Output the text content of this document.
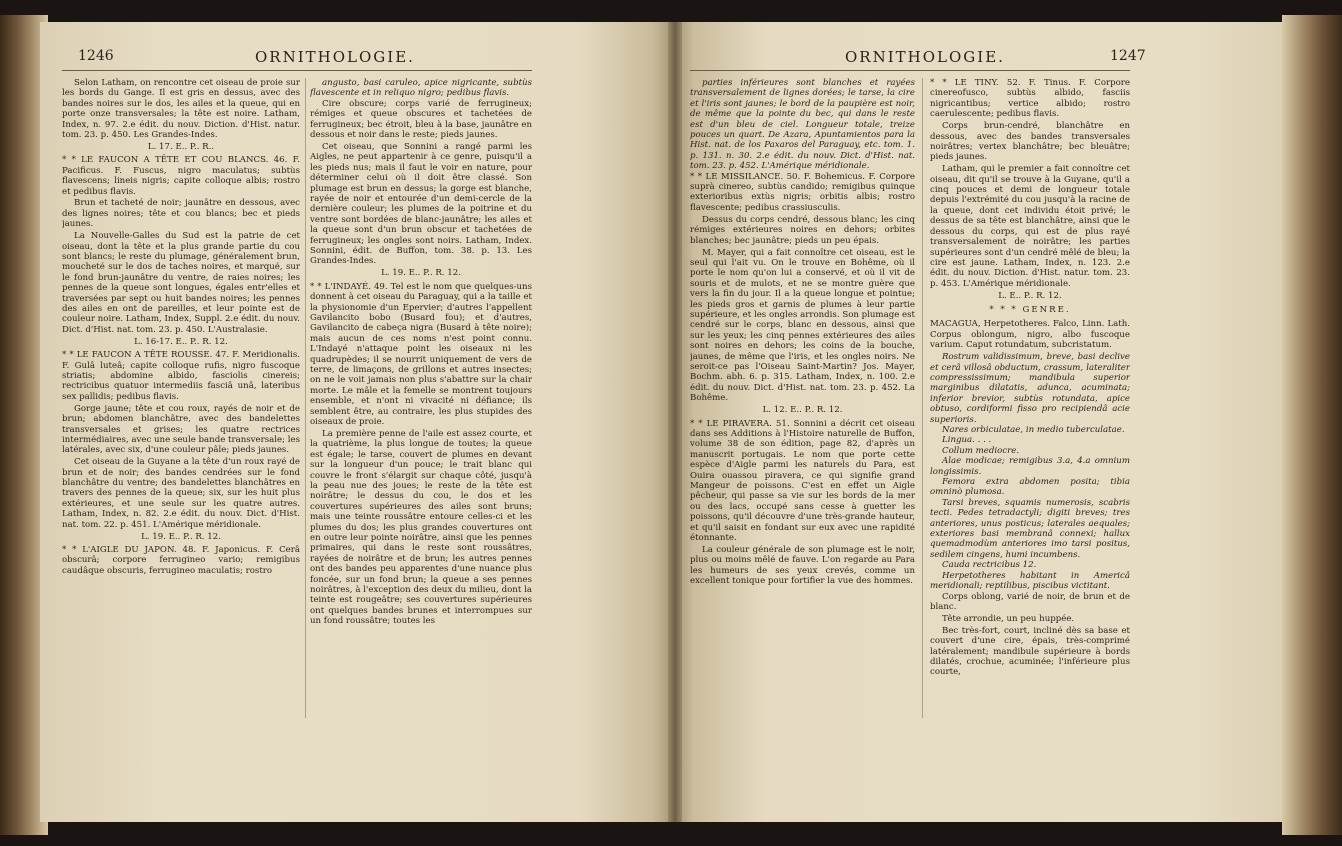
1246	ORNITHOLOGIE.	ORNITHOLOGIE.	1247

Selon Latham, on rencontre cet oiseau de proie sur les bords du Gange. Il est gris en dessus, avec des bandes noires sur le dos, les ailes et la queue, qui en porte onze transversales; la tête est noire. Latham, Index, n. 97. 2.e édit. du nouv. Diction. d'Hist. natur. tom. 23. p. 450. Les Grandes-Indes.

L. 17. E.. P.. R..

* * LE FAUCON A TÊTE ET COU BLANCS. 46. F. Pacificus. F. Fuscus, nigro maculatus; subtùs flavescens; lineis nigris; capite colloque albis; rostro et pedibus flavis.

Brun et tacheté de noir; jaunâtre en dessous, avec des lignes noires; tête et cou blancs; bec et pieds jaunes.

La Nouvelle-Galles du Sud est la patrie de cet oiseau, dont la tête et la plus grande partie du cou sont blancs; le reste du plumage, généralement brun, moucheté sur le dos de taches noires, et marqué, sur le fond brun-jaunâtre du ventre, de raies noires; les pennes de la queue sont longues, égales entr'elles et traversées par sept ou huit bandes noires; les pennes des ailes en ont de pareilles, et leur pointe est de couleur noire. Latham, Index, Suppl. 2.e édit. du nouv. Dict. d'Hist. nat. tom. 23. p. 450. L'Australasie.

L. 16-17. E.. P.. R. 12.

* * LE FAUCON A TÊTE ROUSSE. 47. F. Meridionalis. F. Gulâ luteâ; capite colloque rufis, nigro fuscoque striatis; abdomine albido, fasciolis cinereis; rectricibus quatuor intermediis fasciâ unâ, lateribus sex pallidis; pedibus flavis.

Gorge jaune; tête et cou roux, rayés de noir et de brun; abdomen blanchâtre, avec des bandelettes transversales et grises; les quatre rectrices intermédiaires, avec une seule bande transversale; les latérales, avec six, d'une couleur pâle; pieds jaunes.

Cet oiseau de la Guyane a la tête d'un roux rayé de brun et de noir; des bandes cendrées sur le fond blanchâtre du ventre; des bandelettes blanchâtres en travers des pennes de la queue; six, sur les huit plus extérieures, et une seule sur les quatre autres. Latham, Index, n. 82. 2.e édit. du nouv. Dict. d'Hist. nat. tom. 22. p. 451. L'Amérique méridionale.

L. 19. E.. P.. R. 12.

* * L'AIGLE DU JAPON. 48. F. Japonicus. F. Cerâ obscurâ; corpore ferrugineo vario; remigibus caudâque obscuris, ferrugineo maculatis; rostro

angusto, basi caruleo, apice nigricante, subtùs flavescente et in reliquo nigro; pedibus flavis.

Cire obscure; corps varié de ferrugineux; rémiges et queue obscures et tachetées de ferrugineux; bec étroit, bleu à la base, jaunâtre en dessous et noir dans le reste; pieds jaunes.

Cet oiseau, que Sonnini a rangé parmi les Aigles, ne peut appartenir à ce genre, puisqu'il a les pieds nus; mais il faut le voir en nature, pour déterminer celui où il doit être classé. Son plumage est brun en dessus; la gorge est blanche, rayée de noir et entourée d'un demi-cercle de la dernière couleur; les plumes de la poitrine et du ventre sont bordées de blanc-jaunâtre; les ailes et la queue sont d'un brun obscur et tachetées de ferrugineux; les ongles sont noirs. Latham, Index. Sonnini, édit. de Buffon, tom. 38. p. 13. Les Grandes-Indes.

L. 19. E.. P.. R. 12.

* * L'INDAYÉ. 49. Tel est le nom que quelques-uns donnent à cet oiseau du Paraguay, qui a la taille et la physionomie d'un Epervier; d'autres l'appellent Gavilancito bobo (Busard fou); et d'autres, Gavilancito de cabeça nigra (Busard à tête noire); mais aucun de ces noms n'est point connu. L'Indayé n'attaque point les oiseaux ni les quadrupèdes; il se nourrit uniquement de vers de terre, de limaçons, de grillons et autres insectes; on ne le voit jamais non plus s'abattre sur la chair morte. Le mâle et la femelle se montrent toujours ensemble, et n'ont ni vivacité ni défiance; ils semblent être, au contraire, les plus stupides des oiseaux de proie.

La première penne de l'aile est assez courte, et la quatrième, la plus longue de toutes; la queue est égale; le tarse, couvert de plumes en devant sur la longueur d'un pouce; le trait blanc qui couvre le front s'élargit sur chaque côté, jusqu'à la peau nue des joues; le reste de la tête est noirâtre; le dessus du cou, le dos et les couvertures supérieures des ailes sont bruns; mais une teinte roussâtre entoure celles-ci et les plumes du dos; les plus grandes couvertures ont en outre leur pointe noirâtre, ainsi que les pennes primaires, qui dans le reste sont roussâtres, rayées de noirâtre et de brun; les autres pennes ont des bandes peu apparentes d'une nuance plus foncée, sur un fond brun; la queue a ses pennes noirâtres, à l'exception des deux du milieu, dont la teinte est rougeâtre; ses couvertures supérieures ont quelques bandes brunes et interrompues sur un fond roussâtre; toutes les

parties inférieures sont blanches et rayées transversalement de lignes dorées; le tarse, la cire et l'iris sont jaunes; le bord de la paupière est noir, de même que la pointe du bec, qui dans le reste est d'un bleu de ciel. Longueur totale, treize pouces un quart. De Azara, Apuntamientos para la Hist. nat. de los Paxaros del Paraguay, etc. tom. 1. p. 131. n. 30. 2.e édit. du nouv. Dict. d'Hist. nat. tom. 23. p. 452. L'Amérique méridionale.

* * LE MISSILANCE. 50. F. Bohemicus. F. Corpore suprà cinereo, subtùs candido; remigibus quinque exterioribus extùs nigris; orbitis albis; rostro flavescente; pedibus crassiusculis.

Dessus du corps cendré, dessous blanc; les cinq rémiges extérieures noires en dehors; orbites blanches; bec jaunâtre; pieds un peu épais.

M. Mayer, qui a fait connoître cet oiseau, est le seul qui l'ait vu. On le trouve en Bohême, où il porte le nom qu'on lui a conservé, et où il vit de souris et de mulots, et ne se montre guère que vers la fin du jour. Il a la queue longue et pointue; les pieds gros et garnis de plumes à leur partie supérieure, et les ongles arrondis. Son plumage est cendré sur le corps, blanc en dessous, ainsi que sur les yeux; les cinq pennes extérieures des ailes sont noires en dehors; les coins de la bouche, jaunes, de même que l'iris, et les ongles noirs. Ne seroit-ce pas l'Oiseau Saint-Martin? Jos. Mayer, Bochm. abh. 6. p. 315. Latham, Index, n. 100. 2.e édit. du nouv. Dict. d'Hist. nat. tom. 23. p. 452. La Bohême.

L. 12. E.. P.. R. 12.

* * LE PIRAVERA. 51. Sonnini a décrit cet oiseau dans ses Additions à l'Histoire naturelle de Buffon, volume 38 de son édition, page 82, d'après un manuscrit portugais. Le nom que porte cette espèce d'Aigle parmi les naturels du Para, est Ouira ouassou piravera, ce qui signifie grand Mangeur de poissons. C'est en effet un Aigle pêcheur, qui passe sa vie sur les bords de la mer ou des lacs, occupé sans cesse à guetter les poissons, qu'il découvre d'une très-grande hauteur, et qu'il saisit en fondant sur eux avec une rapidité étonnante.

La couleur générale de son plumage est le noir, plus ou moins mêlé de fauve. L'on regarde au Para les humeurs de ses yeux crevés, comme un excellent tonique pour fortifier la vue des hommes.

* * LE TINY. 52. F. Tinus. F. Corpore cinereofusco, subtùs albido, fasciis nigricantibus; vertice albido; rostro caerulescente; pedibus flavis.

Corps brun-cendré, blanchâtre en dessous, avec des bandes transversales noirâtres; vertex blanchâtre; bec bleuâtre; pieds jaunes.

Latham, qui le premier a fait connoître cet oiseau, dit qu'il se trouve à la Guyane, qu'il a cinq pouces et demi de longueur totale depuis l'extrémité du cou jusqu'à la racine de la queue, dont cet individu étoit privé; le dessus de sa tête est blanchâtre, ainsi que le dessous du corps, qui est de plus rayé transversalement de noirâtre; les parties supérieures sont d'un cendré mêlé de bleu; la cire est jaune. Latham, Index, n. 123. 2.e édit. du nouv. Diction. d'Hist. natur. tom. 23. p. 453. L'Amérique méridionale.

L. E.. P.. R. 12.

* * * GENRE.

MACAGUA, Herpetotheres. Falco, Linn. Lath. Corpus oblongum, nigro, albo fuscoque varium. Caput rotundatum, subcristatum.

Rostrum validissimum, breve, basi declive et cerâ villosâ obductum, crassum, lateraliter compressissimum; mandibula superior marginibus dilatatis, adunca, acuminata; inferior brevior, subtùs rotundata, apice obtuso, cordiformi fisso pro recipiendâ acie superioris.

Nares orbiculatae, in medio tuberculatae.

Lingua. . . .

Collum mediocre.

Alae modicae; remigibus 3.a, 4.a omnium longissimis.

Femora extra abdomen posita; tibia omninò plumosa.

Tarsi breves, squamis numerosis, scabris tecti. Pedes tetradactyli; digiti breves; tres anteriores, unus posticus; laterales aequales; exteriores basi membranâ connexi; hallux quemadmodùm anteriores imo tarsi positus, sedilem cingens, humi incumbens.

Cauda rectricibus 12.

Herpetotheres habitant in Americâ meridionali; reptilibus, piscibus victitant.

Corps oblong, varié de noir, de brun et de blanc.

Tête arrondie, un peu huppée.

Bec très-fort, court, incliné dès sa base et couvert d'une cire, épais, très-comprimé latéralement; mandibule supérieure à bords dilatés, crochue, acuminée; l'inférieure plus courte,
